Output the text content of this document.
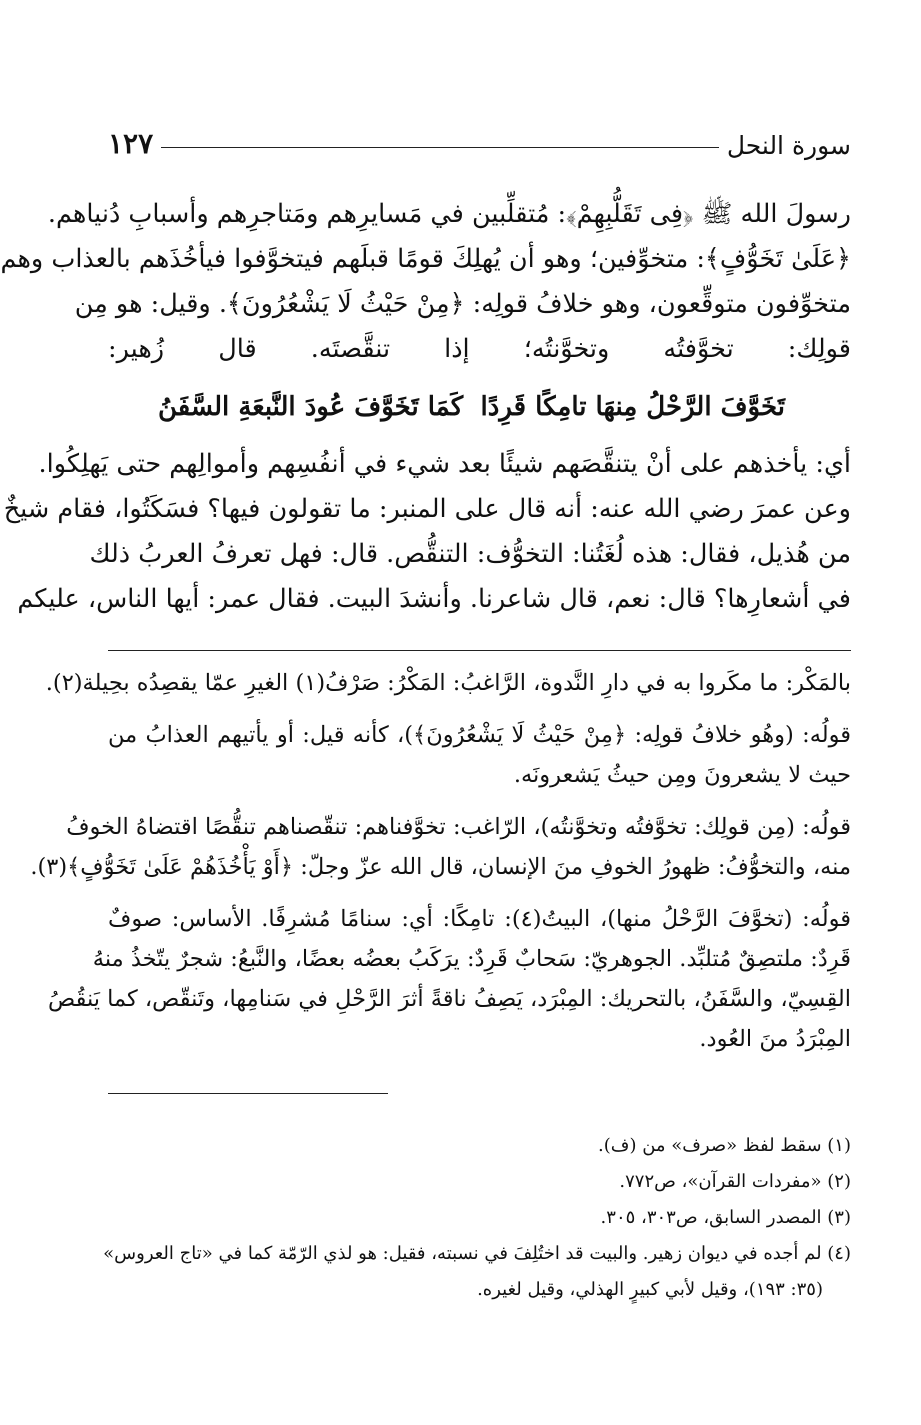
سورة النحل
١٢٧
رسولَ الله ﷺ ﴿فِى تَقَلُّبِهِمْ﴾: مُتقلِّبين في مَسايرِهم ومَتاجرِهم وأسبابِ دُنياهم.
﴿عَلَىٰ تَخَوُّفٍ﴾: متخوِّفين؛ وهو أن يُهلِكَ قومًا قبلَهم فيتخوَّفوا فيأخُذَهم بالعذاب وهم
متخوِّفون متوقِّعون، وهو خلافُ قولِه: ﴿مِنْ حَيْثُ لَا يَشْعُرُونَ﴾. وقيل: هو مِن
قولِك: تخوَّفتُه وتخوَّنتُه؛ إذا تنقَّصتَه. قال زُهير:
تَخَوَّفَ الرَّحْلُ مِنهَا تامِكًا قَرِدًا
كَمَا تَخَوَّفَ عُودَ النَّبعَةِ السَّفَنُ
أي: يأخذهم على أنْ يتنقَّصَهم شيئًا بعد شيء في أنفُسِهم وأموالِهم حتى يَهلِكُوا.
وعن عمرَ رضي الله عنه: أنه قال على المنبر: ما تقولون فيها؟ فسَكَتُوا، فقام شيخٌ
من هُذيل، فقال: هذه لُغَتُنا: التخوُّف: التنقُّص. قال: فهل تعرفُ العربُ ذلك
في أشعارِها؟ قال: نعم، قال شاعرنا. وأنشدَ البيت. فقال عمر: أيها الناس، عليكم
بالمَكْر: ما مكَروا به في دارِ النَّدوة، الرَّاغبُ: المَكْرُ: صَرْفُ(١) الغيرِ عمّا يقصِدُه بحِيلة(٢).
قولُه: (وهُو خلافُ قولِه: ﴿مِنْ حَيْثُ لَا يَشْعُرُونَ﴾)، كأنه قيل: أو يأتيهم العذابُ من
حيث لا يشعرونَ ومِن حيثُ يَشعرونَه.
قولُه: (مِن قولِك: تخوَّفتُه وتخوَّنتُه)، الرّاغب: تخوَّفناهم: تنقّصناهم تنقُّصًا اقتضاهُ الخوفُ
منه، والتخوُّفُ: ظهورُ الخوفِ منَ الإنسان، قال الله عزّ وجلّ: ﴿أَوْ يَأْخُذَهُمْ عَلَىٰ تَخَوُّفٍ﴾(٣).
قولُه: (تخوَّفَ الرَّحْلُ منها)، البيتُ(٤): تامِكًا: أي: سنامًا مُشرِفًا. الأساس: صوفٌ
قَرِدٌ: ملتصِقٌ مُتلبِّد. الجوهريّ: سَحابٌ قَرِدٌ: يرَكَبُ بعضُه بعضًا، والنَّبعُ: شجرٌ يتّخذُ منهُ
القِسِيّ، والسَّفَنُ، بالتحريك: المِبْرَد، يَصِفُ ناقةً أثرَ الرَّحْلِ في سَنامِها، وتَنقّص، كما يَنقُصُ
المِبْرَدُ منَ العُود.
(١) سقط لفظ «صرف» من (ف).
(٢) «مفردات القرآن»، ص٧٧٢.
(٣) المصدر السابق، ص٣٠٣، ٣٠٥.
(٤) لم أجده في ديوان زهير. والبيت قد اختُلِفَ في نسبته، فقيل: هو لذي الرّمّة كما في «تاج العروس»
(٣٥: ١٩٣)، وقيل لأبي كبيرٍ الهذلي، وقيل لغيره.
